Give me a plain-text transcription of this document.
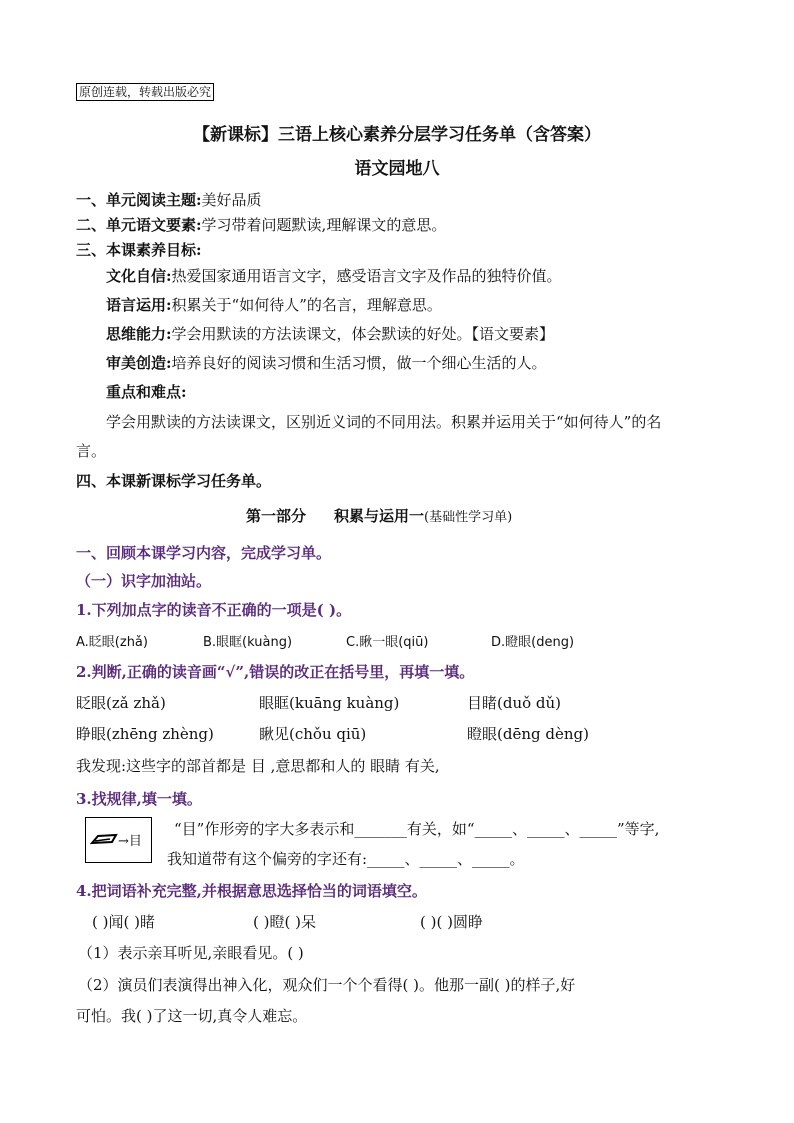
原创连载，转载出版必究
【新课标】三语上核心素养分层学习任务单（含答案）
语文园地八
一、单元阅读主题:美好品质
二、单元语文要素:学习带着问题默读,理解课文的意思。
三、本课素养目标:
文化自信:热爱国家通用语言文字，感受语言文字及作品的独特价值。
语言运用:积累关于“如何待人”的名言，理解意思。
思维能力:学会用默读的方法读课文，体会默读的好处。【语文要素】
审美创造:培养良好的阅读习惯和生活习惯，做一个细心生活的人。
重点和难点:
学会用默读的方法读课文，区别近义词的不同用法。积累并运用关于“如何待人”的名
言。
四、本课新课标学习任务单。
第一部分 积累与运用一(基础性学习单)
一、回顾本课学习内容，完成学习单。
（一）识字加油站。
1.下列加点字的读音不正确的一项是( )。
A.眨眼(zhǎ)	B.眼眶(kuàng)	C.瞅一眼(qiū)	D.瞪眼(deng)
2.判断,正确的读音画“√”,错误的改正在括号里，再填一填。
眨眼(zǎ zhǎ)	眼眶(kuāng kuàng)	目睹(duǒ dǔ)
睁眼(zhēng zhèng)	瞅见(chǒu qiū)	瞪眼(dēng dèng)
我发现:这些字的部首都是 目 ,意思都和人的 眼睛 有关,
3.找规律,填一填。
→目
“目”作形旁的字大多表示和_______有关，如“_____、_____、_____”等字,
我知道带有这个偏旁的字还有:_____、_____、_____。
4.把词语补充完整,并根据意思选择恰当的词语填空。
( )闻( )睹	( )瞪( )呆	( )( )圆睁
（1）表示亲耳听见,亲眼看见。( )
（2）演员们表演得出神入化，观众们一个个看得( )。他那一副( )的样子,好
可怕。我( )了这一切,真令人难忘。
